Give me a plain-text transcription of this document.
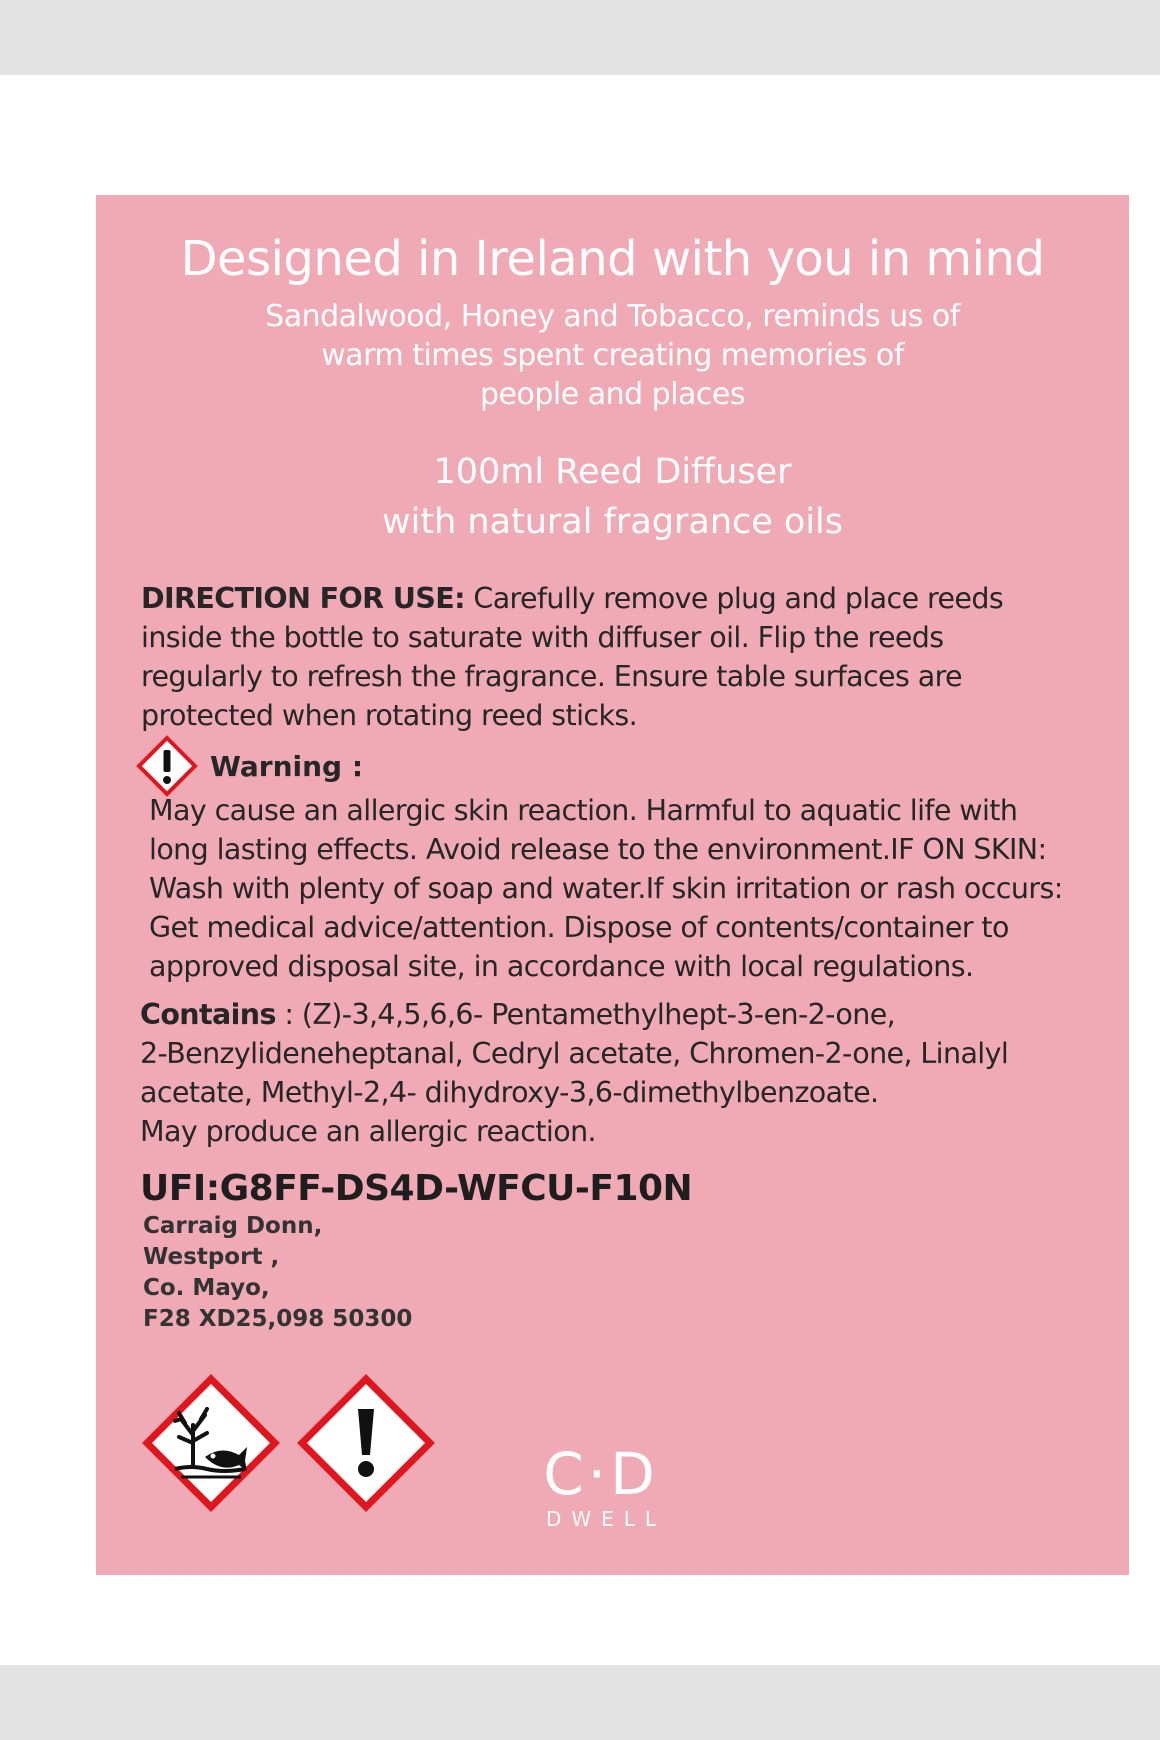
Designed in Ireland with you in mind
Sandalwood, Honey and Tobacco, reminds us of
warm times spent creating memories of
people and places
100ml Reed Diffuser
with natural fragrance oils
DIRECTION FOR USE: Carefully remove plug and place reeds
inside the bottle to saturate with diffuser oil. Flip the reeds
regularly to refresh the fragrance. Ensure table surfaces are
protected when rotating reed sticks.
Warning :
May cause an allergic skin reaction. Harmful to aquatic life with
long lasting effects. Avoid release to the environment.IF ON SKIN:
Wash with plenty of soap and water.If skin irritation or rash occurs:
Get medical advice/attention. Dispose of contents/container to
approved disposal site, in accordance with local regulations.
Contains : (Z)-3,4,5,6,6- Pentamethylhept-3-en-2-one,
2-Benzylideneheptanal, Cedryl acetate, Chromen-2-one, Linalyl
acetate, Methyl-2,4- dihydroxy-3,6-dimethylbenzoate.
May produce an allergic reaction.
UFI:G8FF-DS4D-WFCU-F10N
Carraig Donn,
Westport ,
Co. Mayo,
F28 XD25,098 50300
C·D
DWELL
